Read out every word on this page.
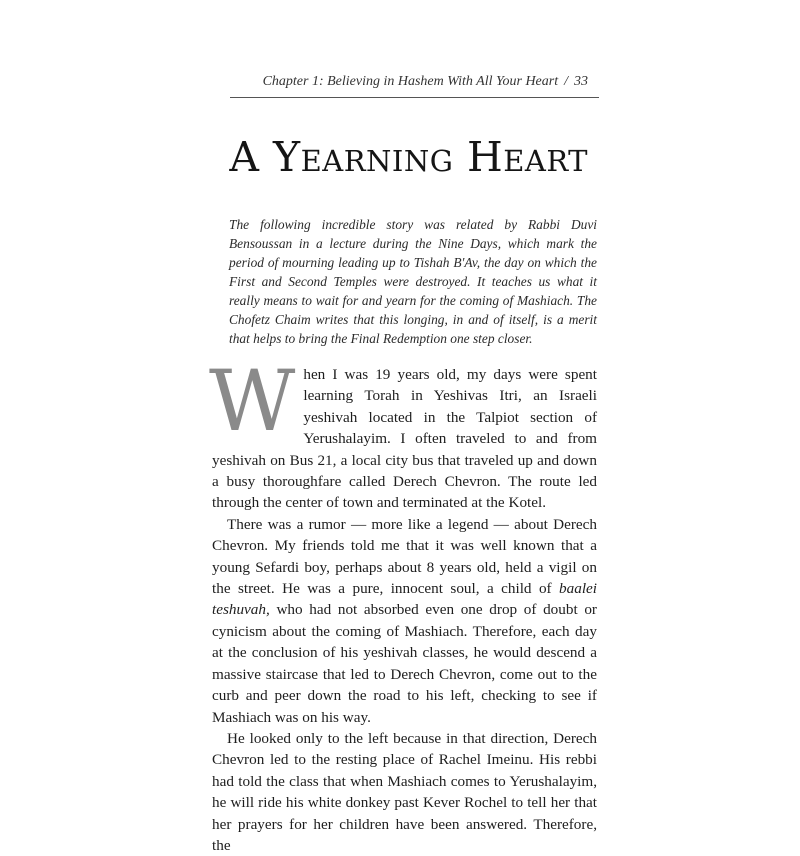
Chapter 1: Believing in Hashem With All Your Heart / 33
A Yearning Heart

The following incredible story was related by Rabbi Duvi Bensoussan in a lecture during the Nine Days, which mark the period of mourning leading up to Tishah B'Av, the day on which the First and Second Temples were destroyed. It teaches us what it really means to wait for and yearn for the coming of Mashiach. The Chofetz Chaim writes that this longing, in and of itself, is a merit that helps to bring the Final Redemption one step closer.

When I was 19 years old, my days were spent learning Torah in Yeshivas Itri, an Israeli yeshivah located in the Talpiot section of Yerushalayim. I often traveled to and from yeshivah on Bus 21, a local city bus that traveled up and down a busy thoroughfare called Derech Chevron. The route led through the center of town and terminated at the Kotel.

There was a rumor — more like a legend — about Derech Chevron. My friends told me that it was well known that a young Sefardi boy, perhaps about 8 years old, held a vigil on the street. He was a pure, innocent soul, a child of baalei teshuvah, who had not absorbed even one drop of doubt or cynicism about the coming of Mashiach. Therefore, each day at the conclusion of his yeshivah classes, he would descend a massive staircase that led to Derech Chevron, come out to the curb and peer down the road to his left, checking to see if Mashiach was on his way.

He looked only to the left because in that direction, Derech Chevron led to the resting place of Rachel Imeinu. His rebbi had told the class that when Mashiach comes to Yerushalayim, he will ride his white donkey past Kever Rochel to tell her that her prayers for her children have been answered. Therefore, the
